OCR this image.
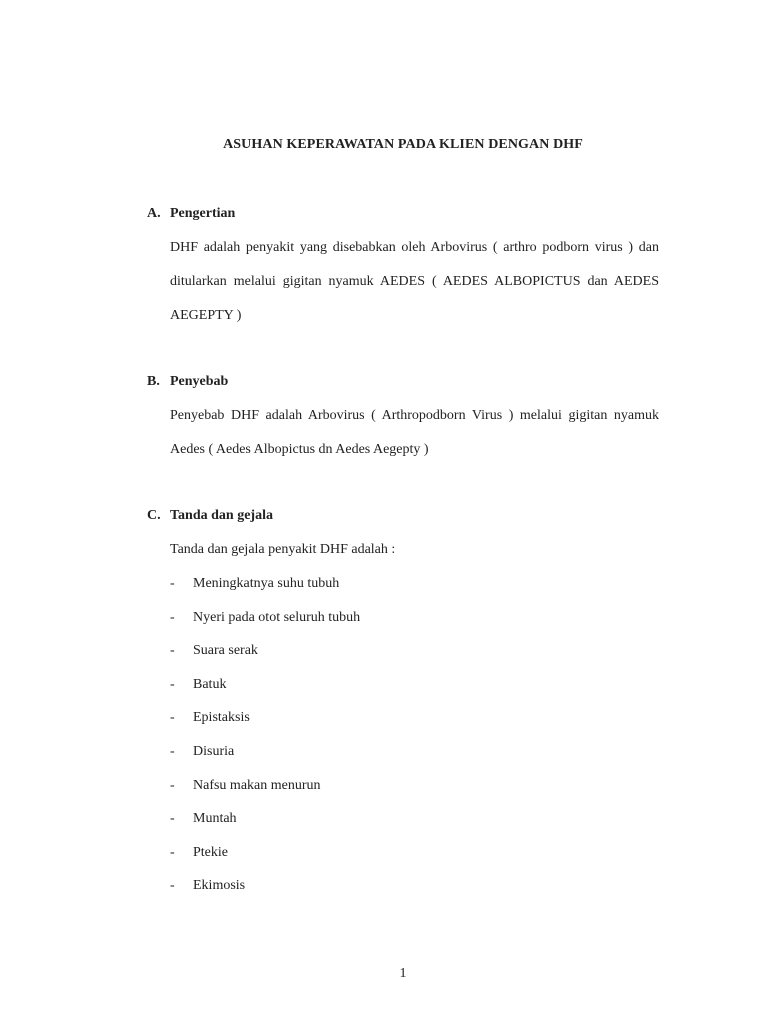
ASUHAN KEPERAWATAN PADA KLIEN DENGAN DHF
A. Pengertian
DHF adalah penyakit yang disebabkan oleh Arbovirus ( arthro podborn virus ) dan ditularkan melalui gigitan nyamuk AEDES ( AEDES ALBOPICTUS dan AEDES AEGEPTY )
B. Penyebab
Penyebab DHF adalah Arbovirus ( Arthropodborn Virus ) melalui gigitan nyamuk Aedes ( Aedes Albopictus dn Aedes Aegepty )
C. Tanda dan gejala
Tanda dan gejala penyakit DHF adalah :
- Meningkatnya suhu tubuh
- Nyeri pada otot seluruh tubuh
- Suara serak
- Batuk
- Epistaksis
- Disuria
- Nafsu makan menurun
- Muntah
- Ptekie
- Ekimosis
1
